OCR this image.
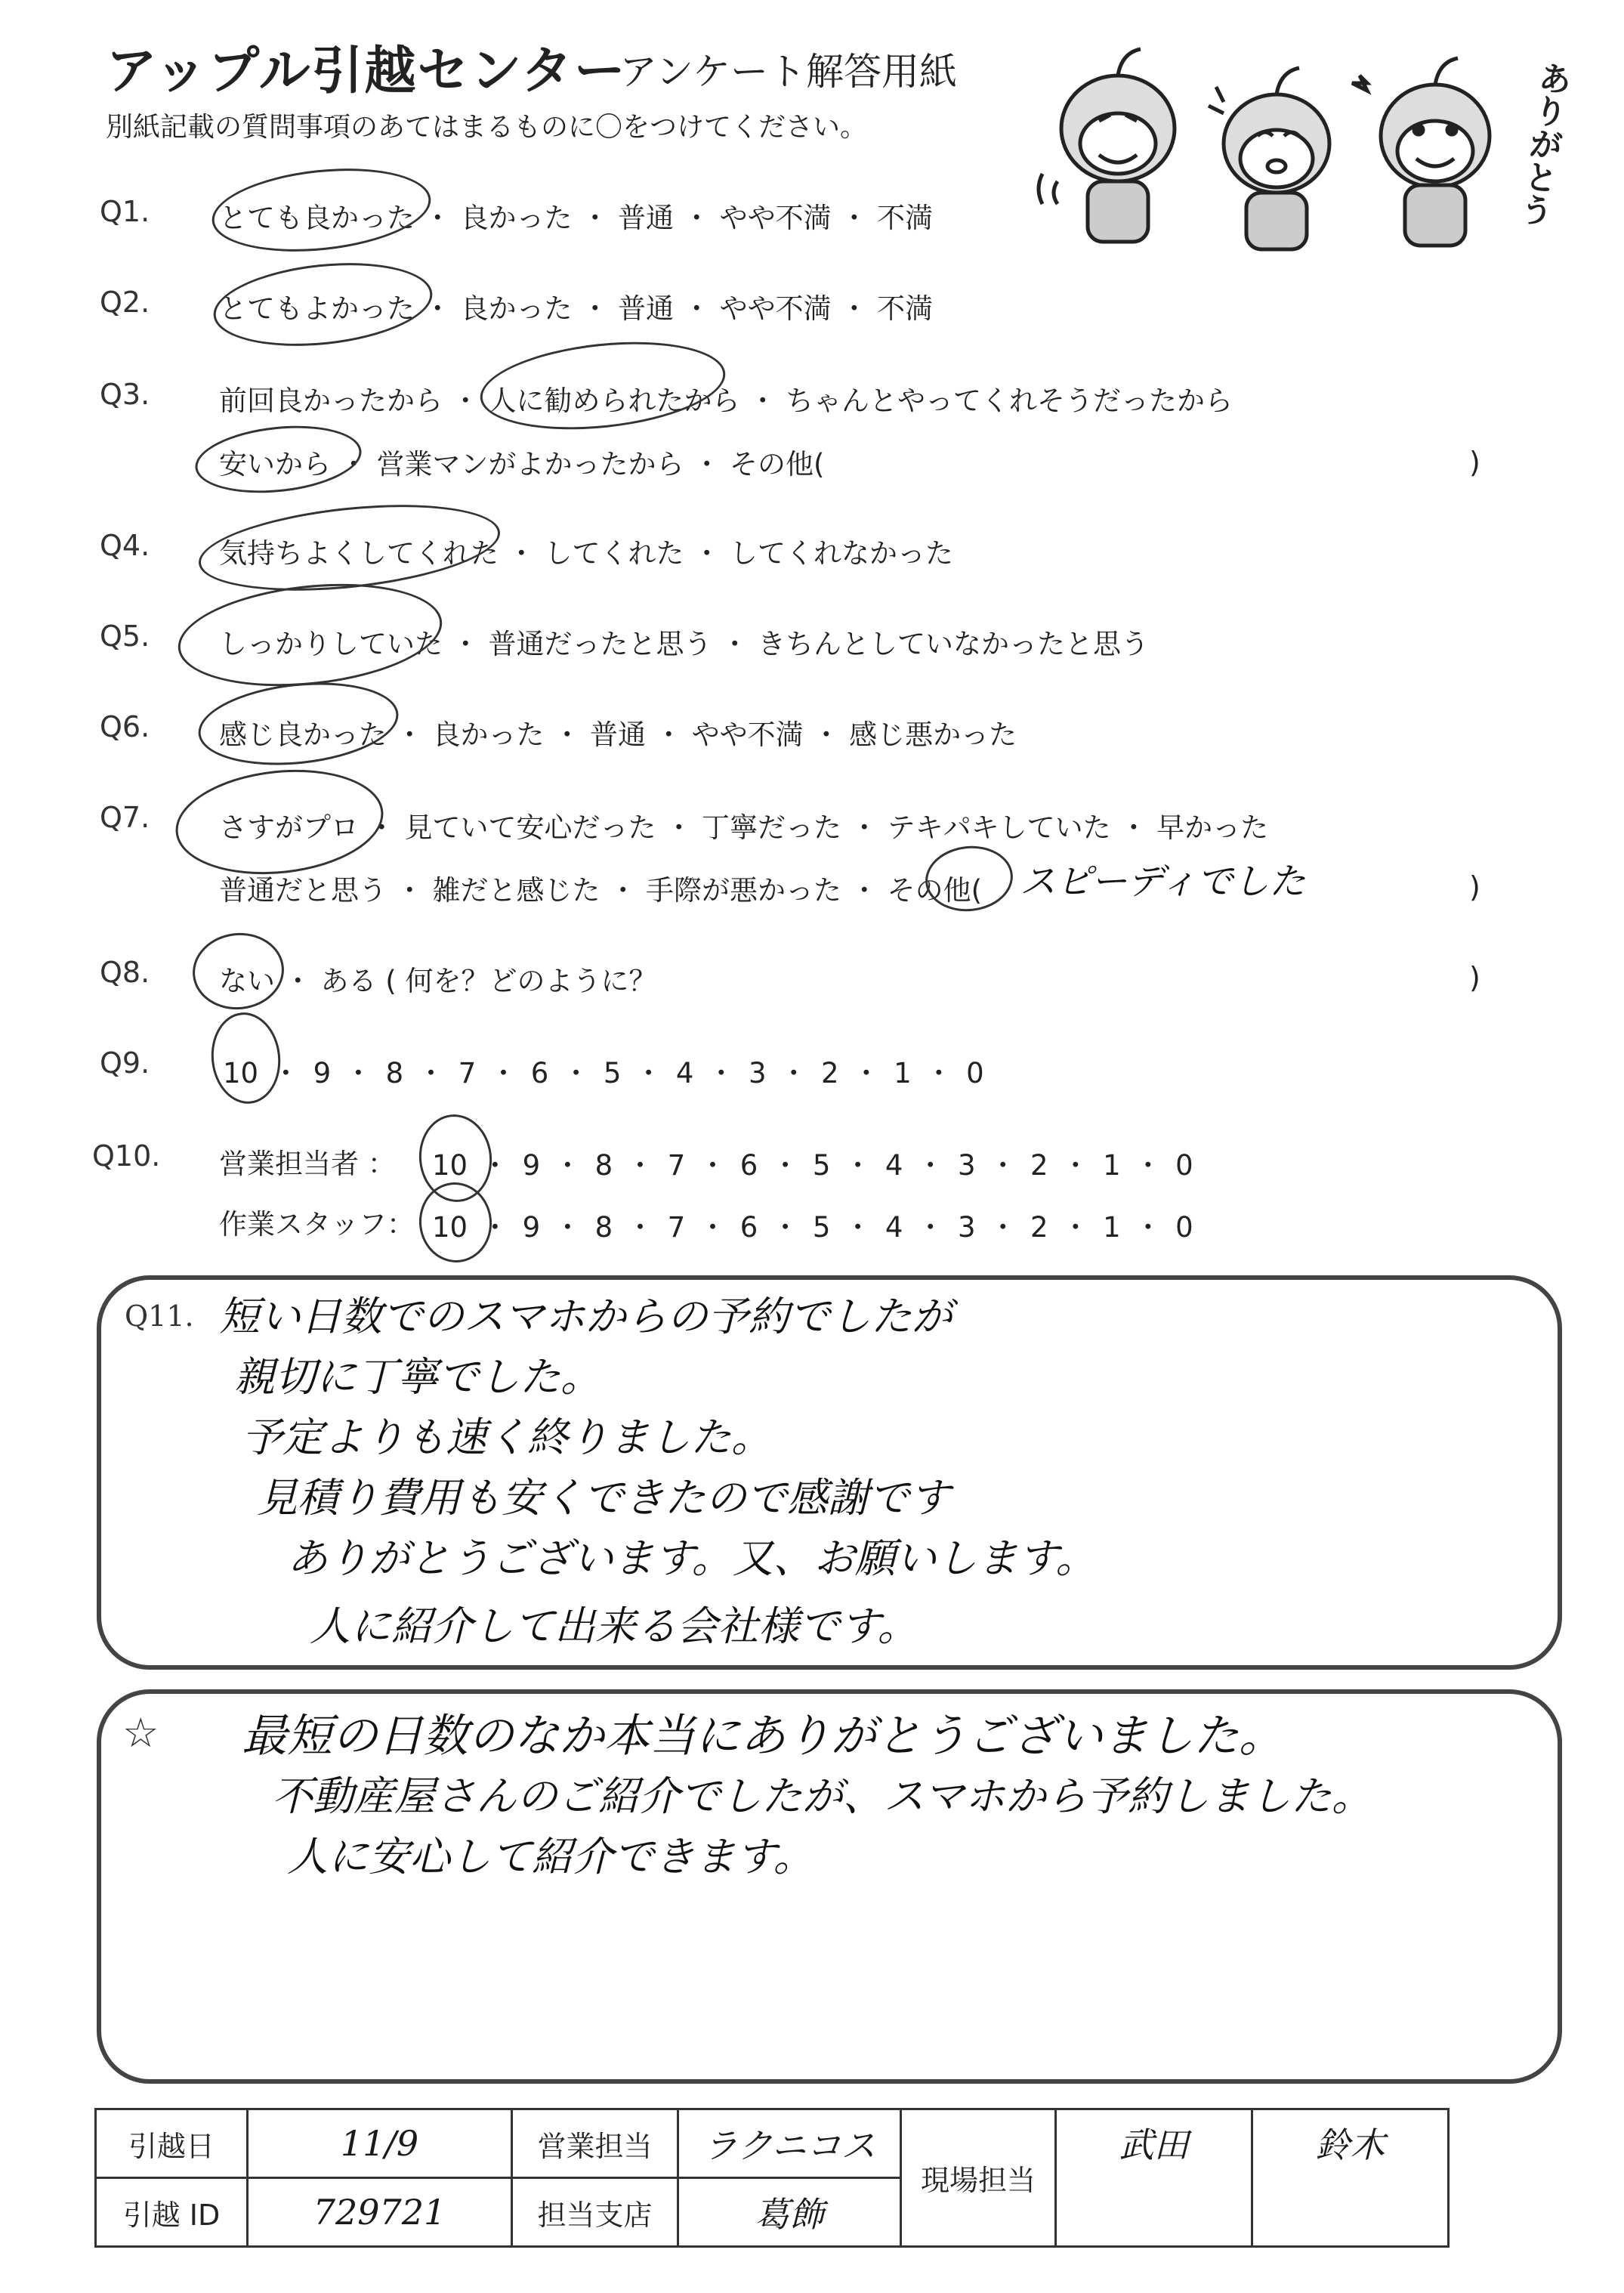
アップル引越センター
アンケート解答用紙
別紙記載の質問事項のあてはまるものに〇をつけてください。	ありがとう
Q1. とても良かった ・ 良かった ・ 普通 ・ やや不満 ・ 不満
Q2. とてもよかった ・ 良かった ・ 普通 ・ やや不満 ・ 不満
Q3. 前回良かったから ・ 人に勧められたから ・ ちゃんとやってくれそうだったから
安いから ・ 営業マンがよかったから ・ その他(	)
Q4. 気持ちよくしてくれた ・ してくれた ・ してくれなかった
Q5. しっかりしていた ・ 普通だったと思う ・ きちんとしていなかったと思う
Q6. 感じ良かった ・ 良かった ・ 普通 ・ やや不満 ・ 感じ悪かった
Q7. さすがプロ ・ 見ていて安心だった ・ 丁寧だった ・ テキパキしていた ・ 早かった
普通だと思う ・ 雑だと感じた ・ 手際が悪かった ・ その他( スピーディでした	)
Q8. ない ・ ある ( 何を？どのように？	)
Q9.	10 ・ 9 ・ 8 ・ 7 ・ 6 ・ 5 ・ 4 ・ 3 ・ 2 ・ 1 ・ 0
Q10. 営業担当者 ： 10 ・ 9 ・ 8 ・ 7 ・ 6 ・ 5 ・ 4 ・ 3 ・ 2 ・ 1 ・ 0
作業スタッフ： 10 ・ 9 ・ 8 ・ 7 ・ 6 ・ 5 ・ 4 ・ 3 ・ 2 ・ 1 ・ 0
Q11. 短い日数でのスマホからの予約でしたが
親切に丁寧でした。
予定よりも速く終りました。
見積り費用も安くできたので感謝です
ありがとうございます。又、お願いします。
人に紹介して出来る会社様です。
☆ 最短の日数のなか本当にありがとうございました。
不動産屋さんのご紹介でしたが、スマホから予約しました。
人に安心して紹介できます。
引越日	11/9	営業担当	ラクニコス	現場担当	武田	鈴木
引越 ID	729721	担当支店	葛飾			
